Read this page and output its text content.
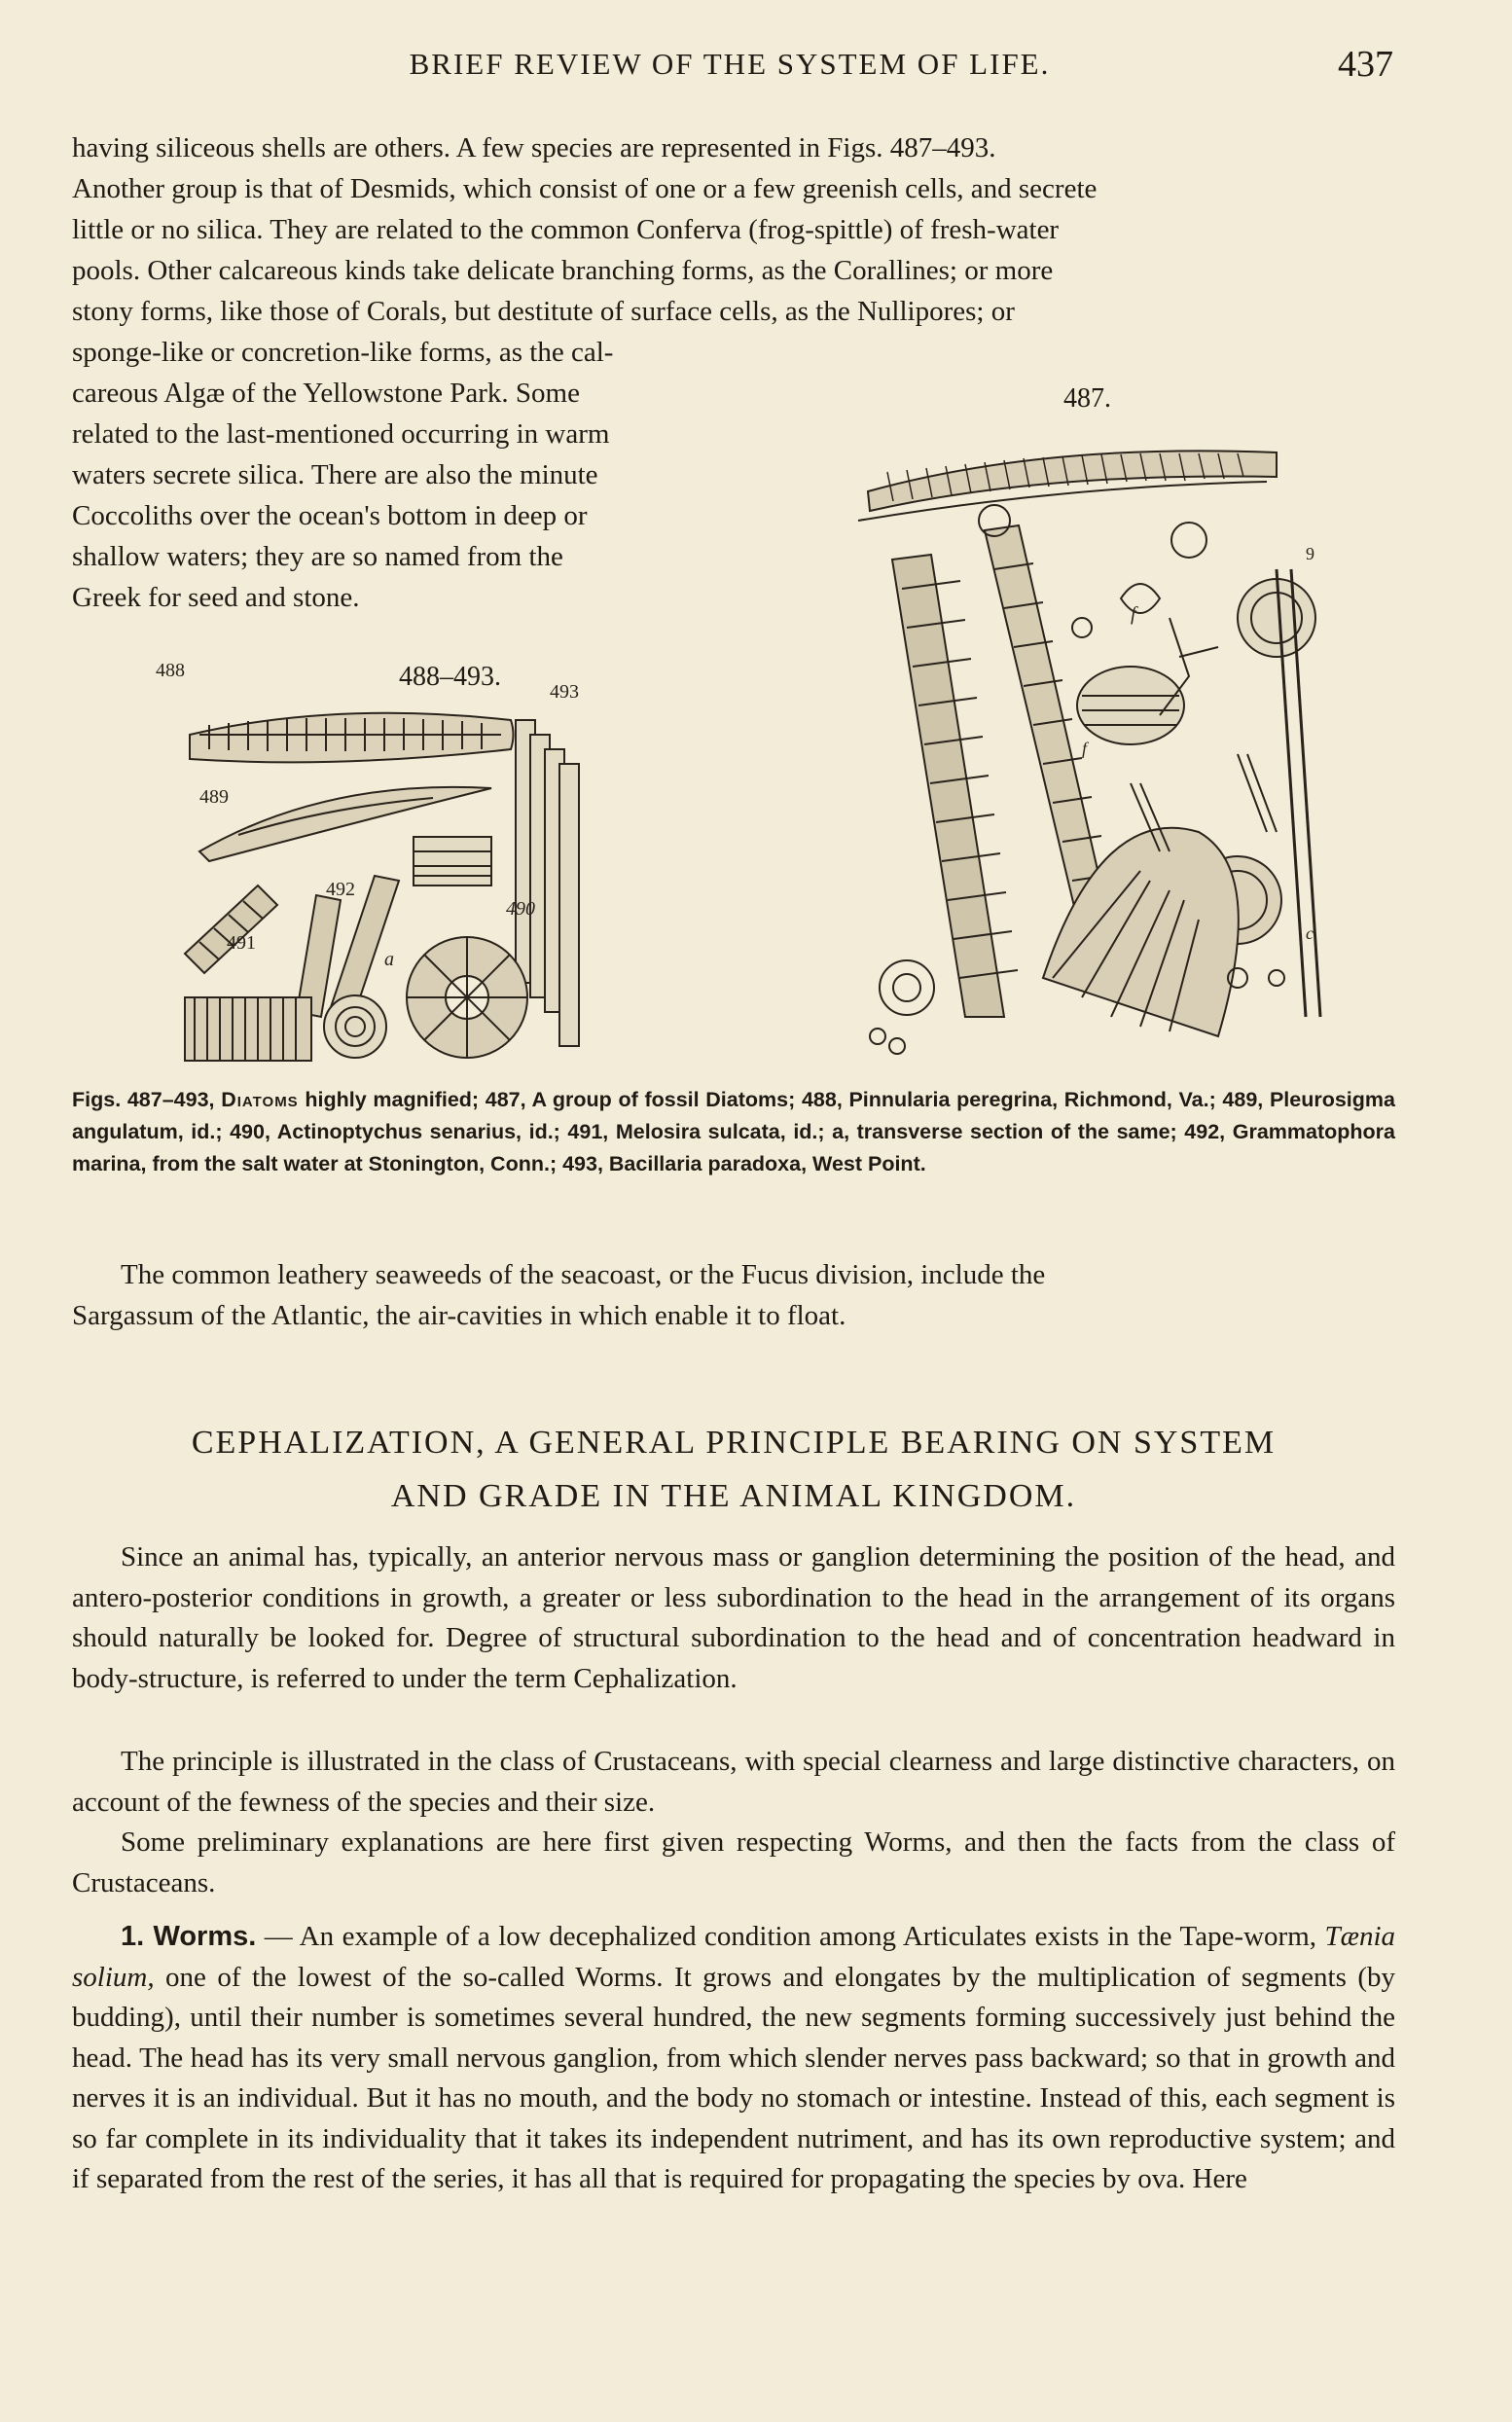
BRIEF REVIEW OF THE SYSTEM OF LIFE.	437

having siliceous shells are others. A few species are represented in Figs. 487–493.

Another group is that of Desmids, which consist of one or a few greenish cells, and secrete

little or no silica. They are related to the common Conferva (frog-spittle) of fresh-water

pools. Other calcareous kinds take delicate branching forms, as the Corallines; or more

stony forms, like those of Corals, but destitute of surface cells, as the Nullipores; or

sponge-like or concretion-like forms, as the cal-

careous Algæ of the Yellowstone Park. Some

related to the last-mentioned occurring in warm

waters secrete silica. There are also the minute

Coccoliths over the ocean's bottom in deep or

shallow waters; they are so named from the

Greek for seed and stone.

487.
f
9
c
f
488–493.
488
493
489
492
491
490
a

Figs. 487–493, Diatoms highly magnified; 487, A group of fossil Diatoms; 488, Pinnularia peregrina, Richmond, Va.; 489, Pleurosigma angulatum, id.; 490, Actinoptychus senarius, id.; 491, Melosira sulcata, id.; a, transverse section of the same; 492, Grammatophora marina, from the salt water at Stonington, Conn.; 493, Bacillaria paradoxa, West Point.

The common leathery seaweeds of the seacoast, or the Fucus division, include the

Sargassum of the Atlantic, the air-cavities in which enable it to float.

CEPHALIZATION, A GENERAL PRINCIPLE BEARING ON SYSTEM

AND GRADE IN THE ANIMAL KINGDOM.

Since an animal has, typically, an anterior nervous mass or ganglion determining the position of the head, and antero-posterior conditions in growth, a greater or less subordination to the head in the arrangement of its organs should naturally be looked for. Degree of structural subordination to the head and of concentration headward in body-structure, is referred to under the term Cephalization.

The principle is illustrated in the class of Crustaceans, with special clearness and large distinctive characters, on account of the fewness of the species and their size.

Some preliminary explanations are here first given respecting Worms, and then the facts from the class of Crustaceans.

1. Worms. — An example of a low decephalized condition among Articulates exists in the Tape-worm, Tænia solium, one of the lowest of the so-called Worms. It grows and elongates by the multiplication of segments (by budding), until their number is sometimes several hundred, the new segments forming successively just behind the head. The head has its very small nervous ganglion, from which slender nerves pass backward; so that in growth and nerves it is an individual. But it has no mouth, and the body no stomach or intestine. Instead of this, each segment is so far complete in its individuality that it takes its independent nutriment, and has its own reproductive system; and if separated from the rest of the series, it has all that is required for propagating the species by ova. Here
